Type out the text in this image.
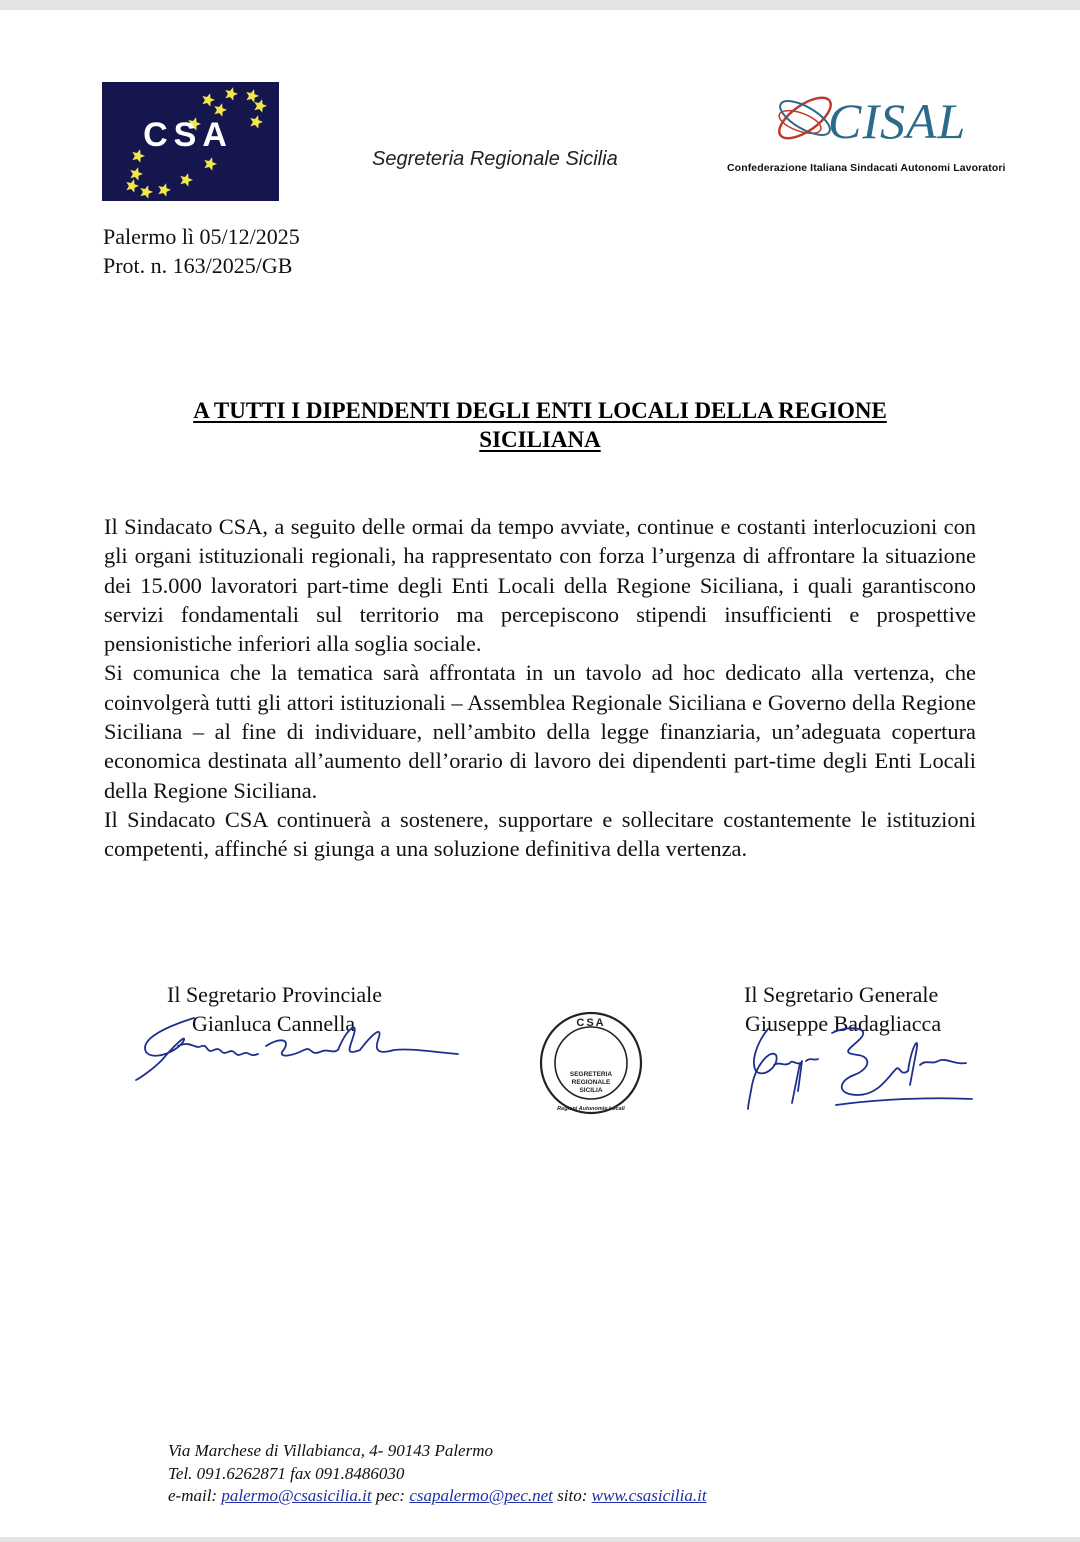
CSA
Segreteria Regionale Sicilia
CISAL
Confederazione Italiana Sindacati Autonomi Lavoratori
Palermo lì 05/12/2025
Prot. n. 163/2025/GB
A TUTTI I DIPENDENTI DEGLI ENTI LOCALI DELLA REGIONE
SICILIANA

Il Sindacato CSA, a seguito delle ormai da tempo avviate, continue e costanti interlocuzioni con gli organi istituzionali regionali, ha rappresentato con forza l’urgenza di affrontare la situazione dei 15.000 lavoratori part-time degli Enti Locali della Regione Siciliana, i quali garantiscono servizi fondamentali sul territorio ma percepiscono stipendi insufficienti e prospettive pensionistiche inferiori alla soglia sociale.

Si comunica che la tematica sarà affrontata in un tavolo ad hoc dedicato alla vertenza, che coinvolgerà tutti gli attori istituzionali – Assemblea Regionale Siciliana e Governo della Regione Siciliana – al fine di individuare, nell’ambito della legge finanziaria, un’adeguata copertura economica destinata all’aumento dell’orario di lavoro dei dipendenti part-time degli Enti Locali della Regione Siciliana.

Il Sindacato CSA continuerà a sostenere, supportare e sollecitare costantemente le istituzioni competenti, affinché si giunga a una soluzione definitiva della vertenza.

Il Segretario Provinciale
Gianluca Cannella
Il Segretario Generale
Giuseppe Badagliacca
CSA
SEGRETERIA
REGIONALE
SICILIA
Regioni Autonomie Locali
Via Marchese di Villabianca, 4- 90143 Palermo
Tel. 091.6262871 fax 091.8486030
e-mail: palermo@csasicilia.it pec: csapalermo@pec.net sito: www.csasicilia.it
